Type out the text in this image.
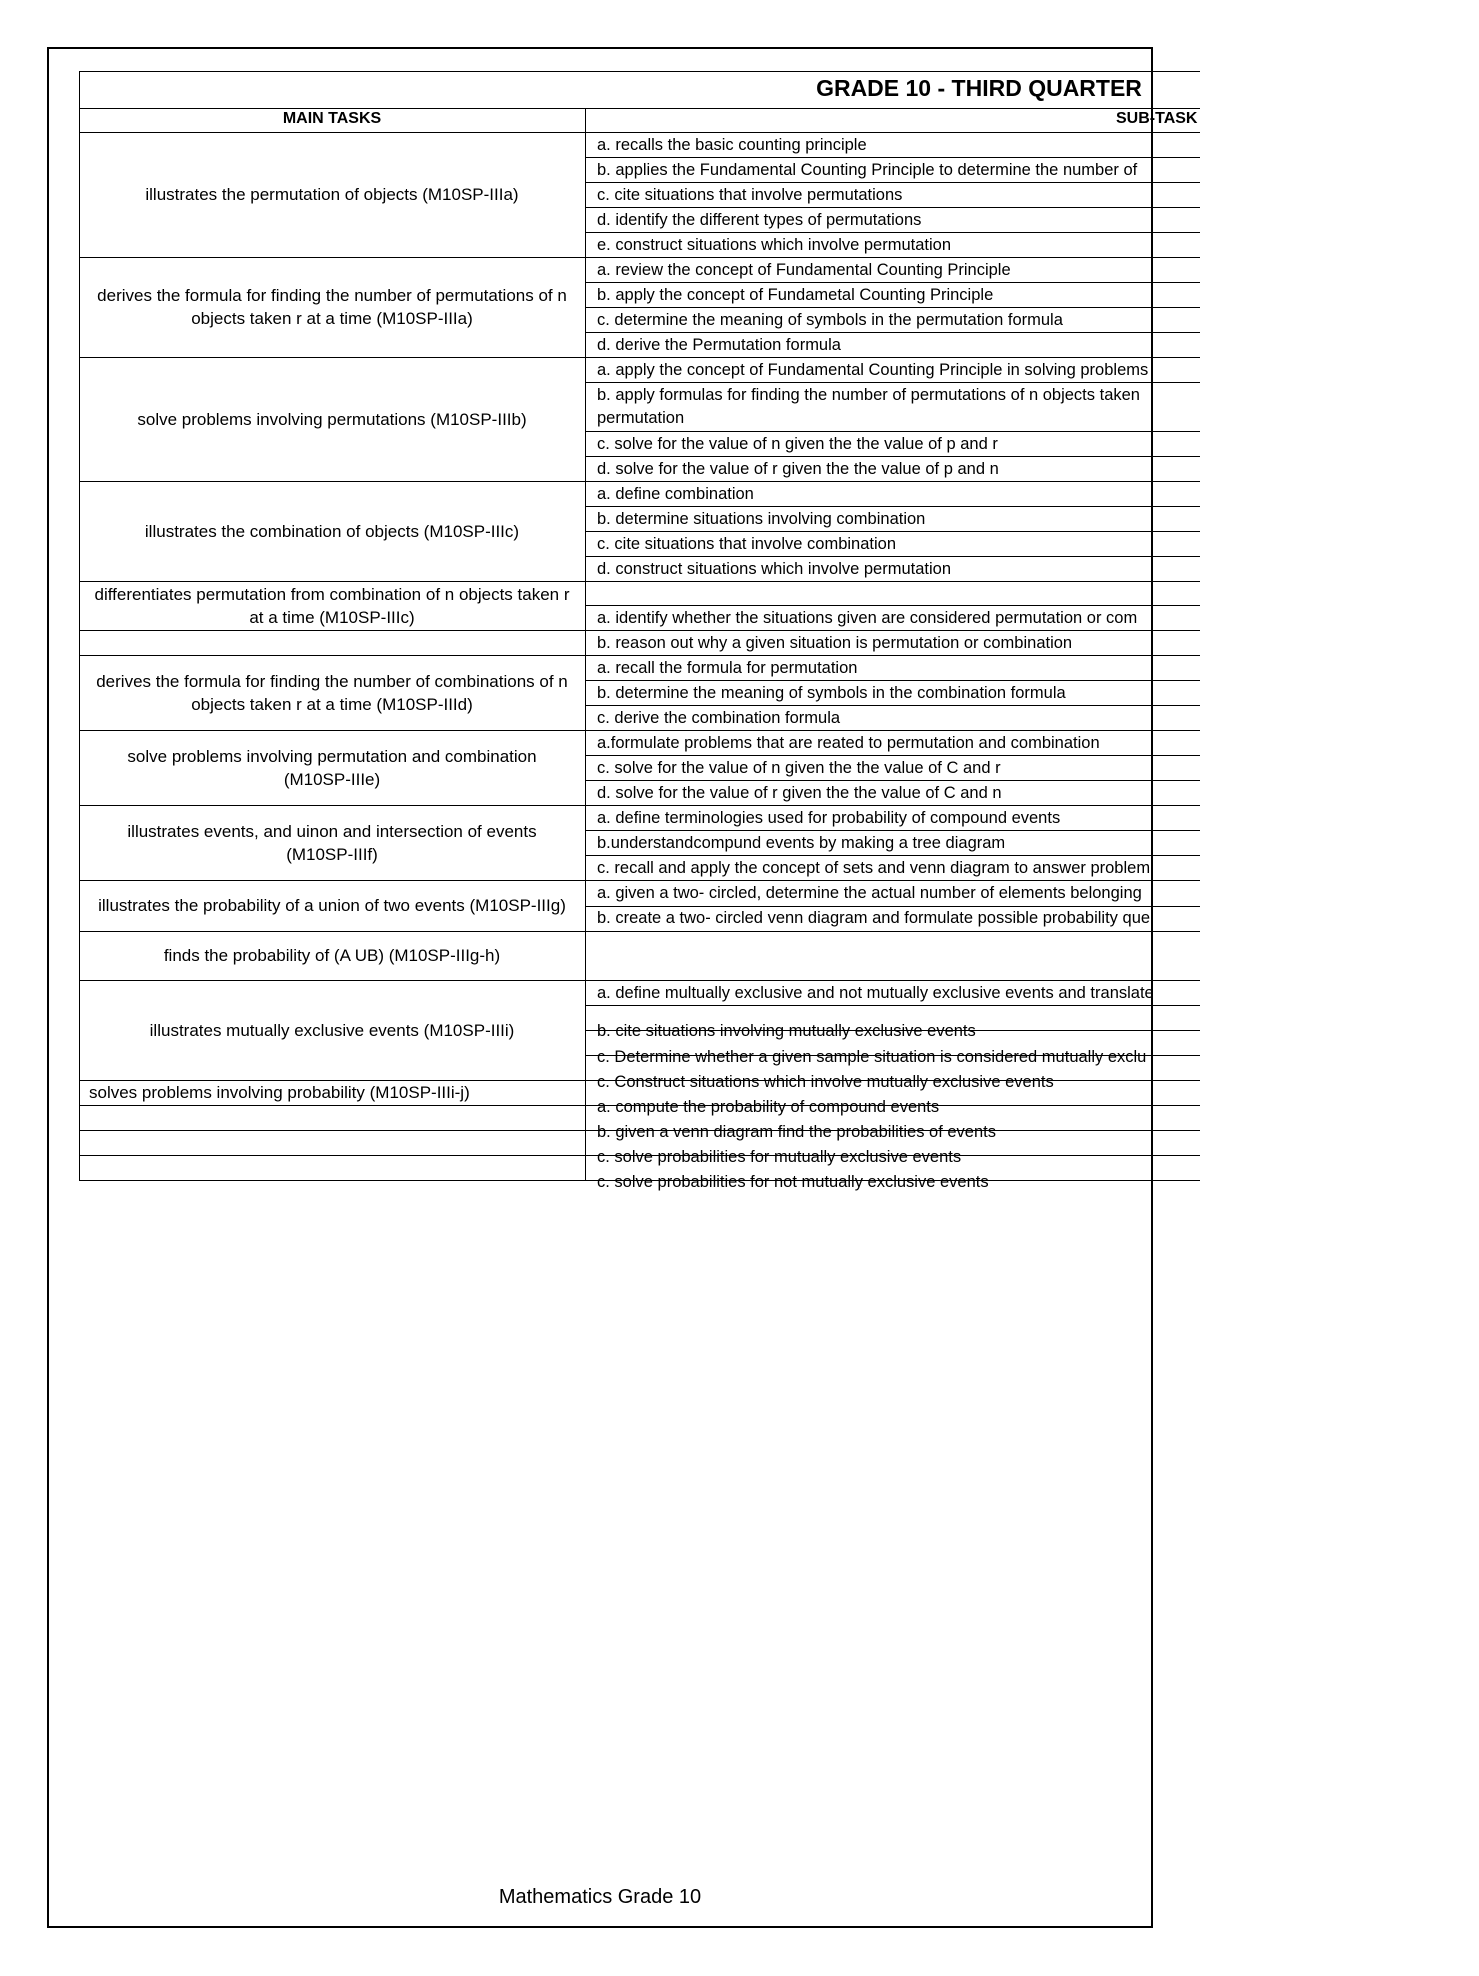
GRADE 10 - THIRD QUARTER
MAIN TASKS	SUB-TASK
illustrates the permutation of objects (M10SP-IIIa)
derives the formula for finding the number of permutations of n objects taken r at a time (M10SP-IIIa)
solve problems involving permutations (M10SP-IIIb)
illustrates the combination of objects (M10SP-IIIc)
differentiates permutation from combination of n objects taken r at a time (M10SP-IIIc)
derives the formula for finding the number of combinations of n objects taken r at a time (M10SP-IIId)
solve problems involving permutation and combination (M10SP-IIIe)
illustrates events, and uinon and intersection of events (M10SP-IIIf)
illustrates the probability of a union of two events (M10SP-IIIg)
finds the probability of (A UB) (M10SP-IIIg-h)
illustrates mutually exclusive events (M10SP-IIIi)
solves problems involving probability (M10SP-IIIi-j)
a. recalls the basic counting principle
b. applies the Fundamental Counting Principle to determine the number of
c. cite situations that involve permutations
d. identify the different types of permutations
e. construct situations which involve permutation
a. review the concept of Fundamental Counting Principle
b. apply the concept of Fundametal Counting Principle
c. determine the meaning of symbols in the permutation formula
d. derive the Permutation formula
a. apply the concept of Fundamental Counting Principle in solving problems
b. apply formulas for finding the number of permutations of n objects taken permutation
c. solve for the value of n given the the value of p and r
d. solve for the value of r given the the value of p and n
a. define combination
b. determine situations involving combination
c. cite situations that involve combination
d. construct situations which involve permutation
a. identify whether the situations given are considered permutation or com
b. reason out why a given situation is permutation or combination
a. recall the formula for permutation
b. determine the meaning of symbols in the combination formula
c. derive the combination formula
a.formulate problems that are reated to permutation and combination
c. solve for the value of n given the the value of C and r
d. solve for the value of r given the the value of C and n
a. define terminologies used for probability of compound events
b.understandcompund events by making a tree diagram
c. recall and apply the concept of sets and venn diagram to answer problem
a. given a two- circled, determine the actual number of elements belonging
b. create a two- circled venn diagram and formulate possible probability que
a. define multually exclusive and not mutually exclusive events and translate
b. cite situations involving mutually exclusive events
c. Determine whether a given sample situation is considered mutually exclu
c. Construct situations which involve mutually exclusive events
a. compute the probability of compound events
b. given a venn diagram find the probabilities of events
c. solve probabilities for mutually exclusive events
c. solve probabilities for not mutually exclusive events
Mathematics Grade 10
